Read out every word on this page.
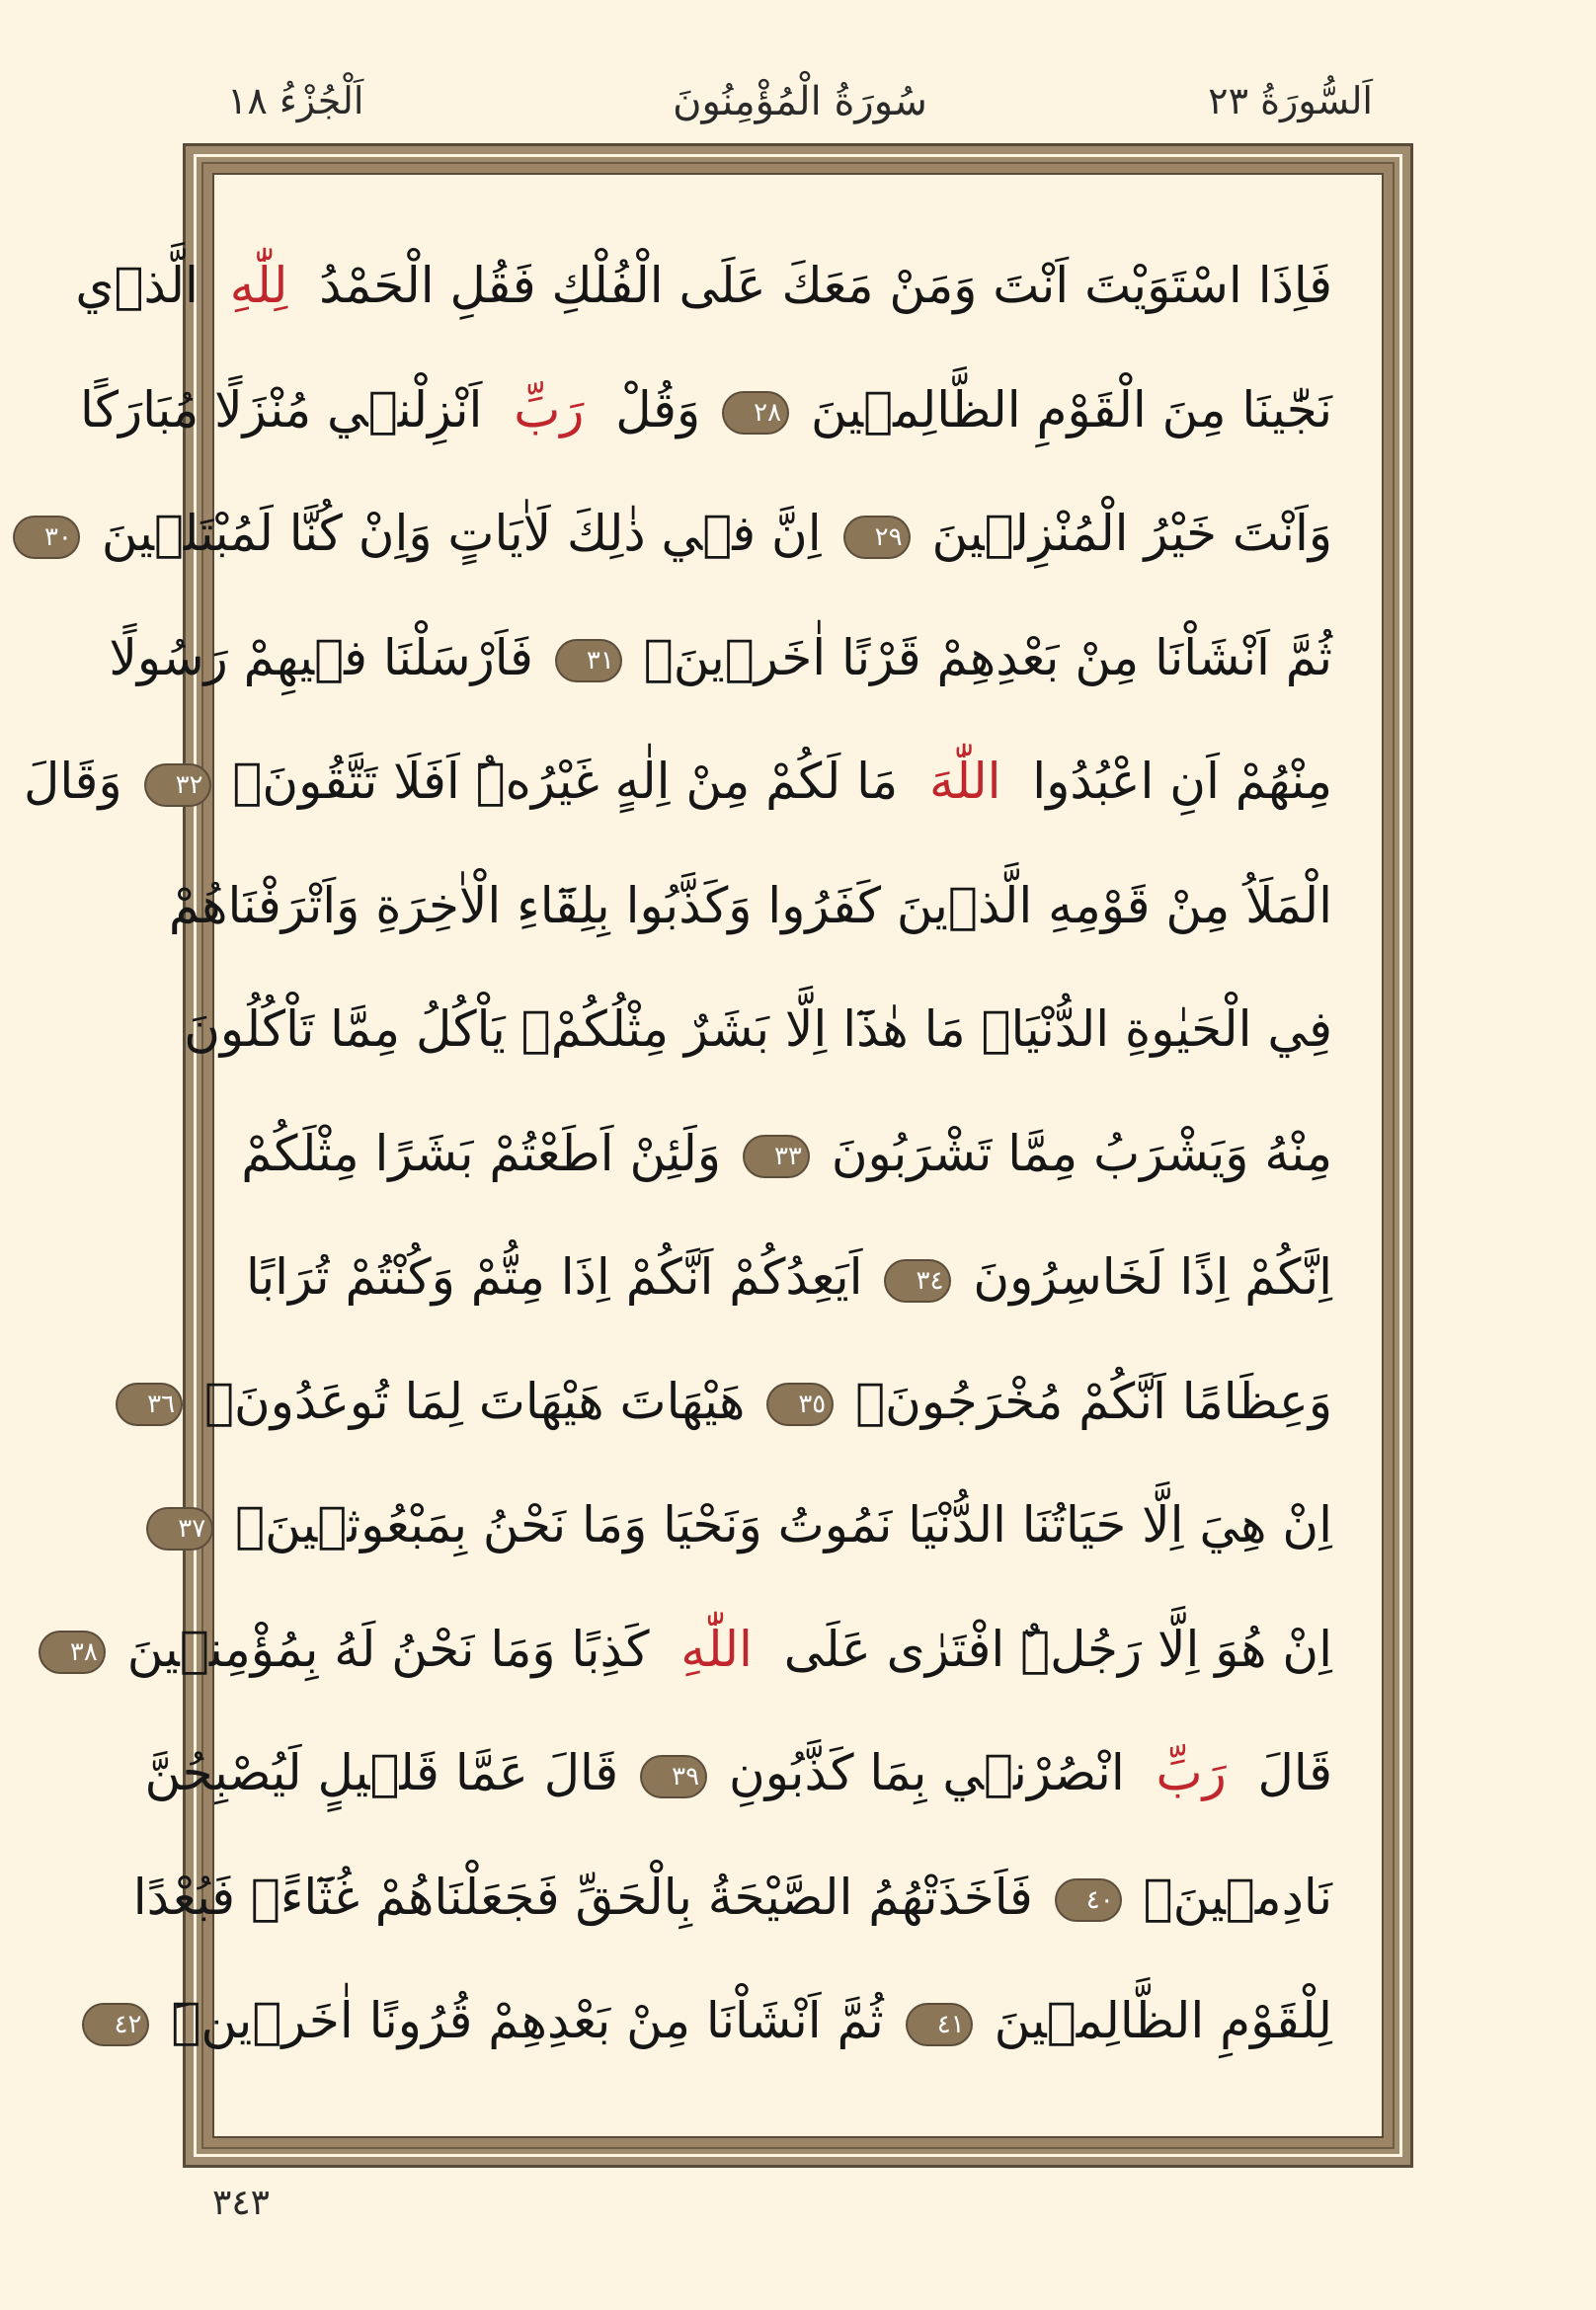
اَلسُّورَةُ ٢٣
سُورَةُ الْمُؤْمِنُونَ
اَلْجُزْءُ ١٨
فَاِذَا اسْتَوَيْتَ اَنْتَ وَمَنْ مَعَكَ عَلَى الْفُلْكِ فَقُلِ الْحَمْدُ  لِلّٰهِ  الَّذ۪ي
نَجّٰينَا مِنَ الْقَوْمِ الظَّالِم۪ينَ ٢٨ وَقُلْ  رَبِّ  اَنْزِلْن۪ي مُنْزَلًا مُبَارَكًا
وَاَنْتَ خَيْرُ الْمُنْزِل۪ينَ ٢٩ اِنَّ ف۪ي ذٰلِكَ لَاٰيَاتٍ وَاِنْ كُنَّا لَمُبْتَل۪ينَ ٣٠
ثُمَّ اَنْشَاْنَا مِنْ بَعْدِهِمْ قَرْنًا اٰخَر۪ينَۚ ٣١ فَاَرْسَلْنَا ف۪يهِمْ رَسُولًا
مِنْهُمْ اَنِ اعْبُدُوا  اللّٰهَ  مَا لَكُمْ مِنْ اِلٰهٍ غَيْرُهُۜ اَفَلَا تَتَّقُونَۚ ٣٢ وَقَالَ
الْمَلَاُ مِنْ قَوْمِهِ الَّذ۪ينَ كَفَرُوا وَكَذَّبُوا بِلِقَٓاءِ الْاٰخِرَةِ وَاَتْرَفْنَاهُمْ
فِي الْحَيٰوةِ الدُّنْيَاۙ مَا هٰذَٓا اِلَّا بَشَرٌ مِثْلُكُمْۙ يَاْكُلُ مِمَّا تَاْكُلُونَ
مِنْهُ وَيَشْرَبُ مِمَّا تَشْرَبُونَ ٣٣ وَلَئِنْ اَطَعْتُمْ بَشَرًا مِثْلَكُمْ
اِنَّكُمْ اِذًا لَخَاسِرُونَ ٣٤ اَيَعِدُكُمْ اَنَّكُمْ اِذَا مِتُّمْ وَكُنْتُمْ تُرَابًا
وَعِظَامًا اَنَّكُمْ مُخْرَجُونَۙ ٣٥ هَيْهَاتَ هَيْهَاتَ لِمَا تُوعَدُونَۙ ٣٦
اِنْ هِيَ اِلَّا حَيَاتُنَا الدُّنْيَا نَمُوتُ وَنَحْيَا وَمَا نَحْنُ بِمَبْعُوث۪ينَۙ ٣٧
اِنْ هُوَ اِلَّا رَجُلٌۨ افْتَرٰى عَلَى  اللّٰهِ  كَذِبًا وَمَا نَحْنُ لَهُ بِمُؤْمِن۪ينَ ٣٨
قَالَ  رَبِّ  انْصُرْن۪ي بِمَا كَذَّبُونِ ٣٩ قَالَ عَمَّا قَل۪يلٍ لَيُصْبِحُنَّ
نَادِم۪ينَۚ ٤٠ فَاَخَذَتْهُمُ الصَّيْحَةُ بِالْحَقِّ فَجَعَلْنَاهُمْ غُثَٓاءًۚ فَبُعْدًا
لِلْقَوْمِ الظَّالِم۪ينَ ٤١ ثُمَّ اَنْشَاْنَا مِنْ بَعْدِهِمْ قُرُونًا اٰخَر۪ينَۜ ٤٢
٣٤٣
